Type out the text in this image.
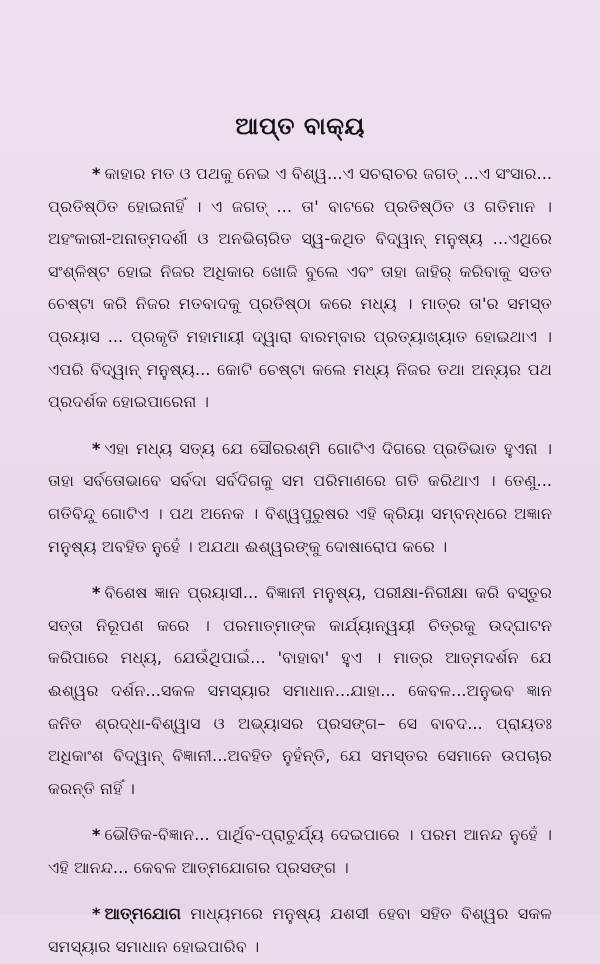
ଆପ୍ତ ବାକ୍ୟ

* କାହାର ମତ ଓ ପଥକୁ ନେଇ ଏ ବିଶ୍ୱ...ଏ ସଚରାଚର ଜଗତ୍ ...ଏ ସଂସାର... ପ୍ରତିଷ୍ଠିତ ହୋଇନାହିଁ । ଏ ଜଗତ୍ ... ତା' ବାଟରେ ପ୍ରତିଷ୍ଠିତ ଓ ଗତିମାନ । ଅହଂକାରୀ-ଅନାତ୍ମଦର୍ଶୀ ଓ ଅନଭିଚାରିତ ସ୍ୱ-କଥିତ ବିଦ୍ୱାନ୍ ମନୁଷ୍ୟ ...ଏଥିରେ ସଂଶ୍ଳିଷ୍ଟ ହୋଇ ନିଜର ଅଧିକାର ଖୋଜି ବୁଲେ ଏବଂ ତାହା ଜାହିର୍ କରିବାକୁ ସତତ ଚେଷ୍ଟା କରି ନିଜର ମତବାଦକୁ ପ୍ରତିଷ୍ଠା କରେ ମଧ୍ୟ । ମାତ୍ର ତା'ର ସମସ୍ତ ପ୍ରୟାସ ... ପ୍ରକୃତି ମହାମାୟୀ ଦ୍ୱାରା ବାରମ୍ବାର ପ୍ରତ୍ୟାଖ୍ୟାତ ହୋଇଥାଏ । ଏପରି ବିଦ୍ୱାନ୍ ମନୁଷ୍ୟ... କୋଟି ଚେଷ୍ଟା କଲେ ମଧ୍ୟ ନିଜର ତଥା ଅନ୍ୟର ପଥ ପ୍ରଦର୍ଶକ ହୋଇପାରେନା ।

* ଏହା ମଧ୍ୟ ସତ୍ୟ ଯେ ସୌରରଶ୍ମି ଗୋଟିଏ ଦିଗରେ ପ୍ରତିଭାତ ହୁଏନା । ତାହା ସର୍ବତୋଭାବେ ସର୍ବଦା ସର୍ବଦିଗକୁ ସମ ପରିମାଣରେ ଗତି କରିଥାଏ । ତେଣୁ... ଗତିବିନ୍ଦୁ ଗୋଟିଏ । ପଥ ଅନେକ । ବିଶ୍ୱପୁରୁଷର ଏହି କ୍ରିୟା ସମ୍ବନ୍ଧରେ ଅଜ୍ଞାନ ମନୁଷ୍ୟ ଅବହିତ ନୁହେଁ । ଅଯଥା ଈଶ୍ୱରଙ୍କୁ ଦୋଷାରୋପ କରେ ।

* ବିଶେଷ ଜ୍ଞାନ ପ୍ରୟାସୀ... ବିଜ୍ଞାନୀ ମନୁଷ୍ୟ, ପରୀକ୍ଷା-ନିରୀକ୍ଷା କରି ବସ୍ତୁର ସତ୍ତା ନିରୂପଣ କରେ । ପରମାତ୍ମାଙ୍କ କାର୍ଯ୍ୟାନ୍ୱୟୀ ଚିତ୍ରକୁ ଉଦ୍‌ଘାଟନ କରିପାରେ ମଧ୍ୟ, ଯେଉଁଥିପାଇଁ... 'ବାହାବା' ହୁଏ । ମାତ୍ର ଆତ୍ମଦର୍ଶନ ଯେ ଈଶ୍ୱର ଦର୍ଶନ...ସକଳ ସମସ୍ୟାର ସମାଧାନ...ଯାହା... କେବଳ...ଅନୁଭବ ଜ୍ଞାନ ଜନିତ ଶ୍ରଦ୍ଧା-ବିଶ୍ୱାସ ଓ ଅଭ୍ୟାସର ପ୍ରସଙ୍ଗ– ସେ ବାବଦ... ପ୍ରାୟତଃ ଅଧିକାଂଶ ବିଦ୍ୱାନ୍ ବିଜ୍ଞାନୀ...ଅବହିତ ନୁହଁନ୍ତି, ଯେ ସମସ୍ତର ସେମାନେ ଉପଚାର କରନ୍ତି ନାହିଁ ।

* ଭୌତିକ-ବିଜ୍ଞାନ... ପାର୍ଥିବ-ପ୍ରାଚୁର୍ଯ୍ୟ ଦେଇପାରେ । ପରମ ଆନନ୍ଦ ନୁହେଁ । ଏହି ଆନନ୍ଦ... କେବଳ ଆତ୍ମଯୋଗର ପ୍ରସଙ୍ଗ ।

* ଆତ୍ମଯୋଗ ମାଧ୍ୟମରେ ମନୁଷ୍ୟ ଯଶସୀ ହେବା ସହିତ ବିଶ୍ୱର ସକଳ ସମସ୍ୟାର ସମାଧାନ ହୋଇପାରିବ ।
